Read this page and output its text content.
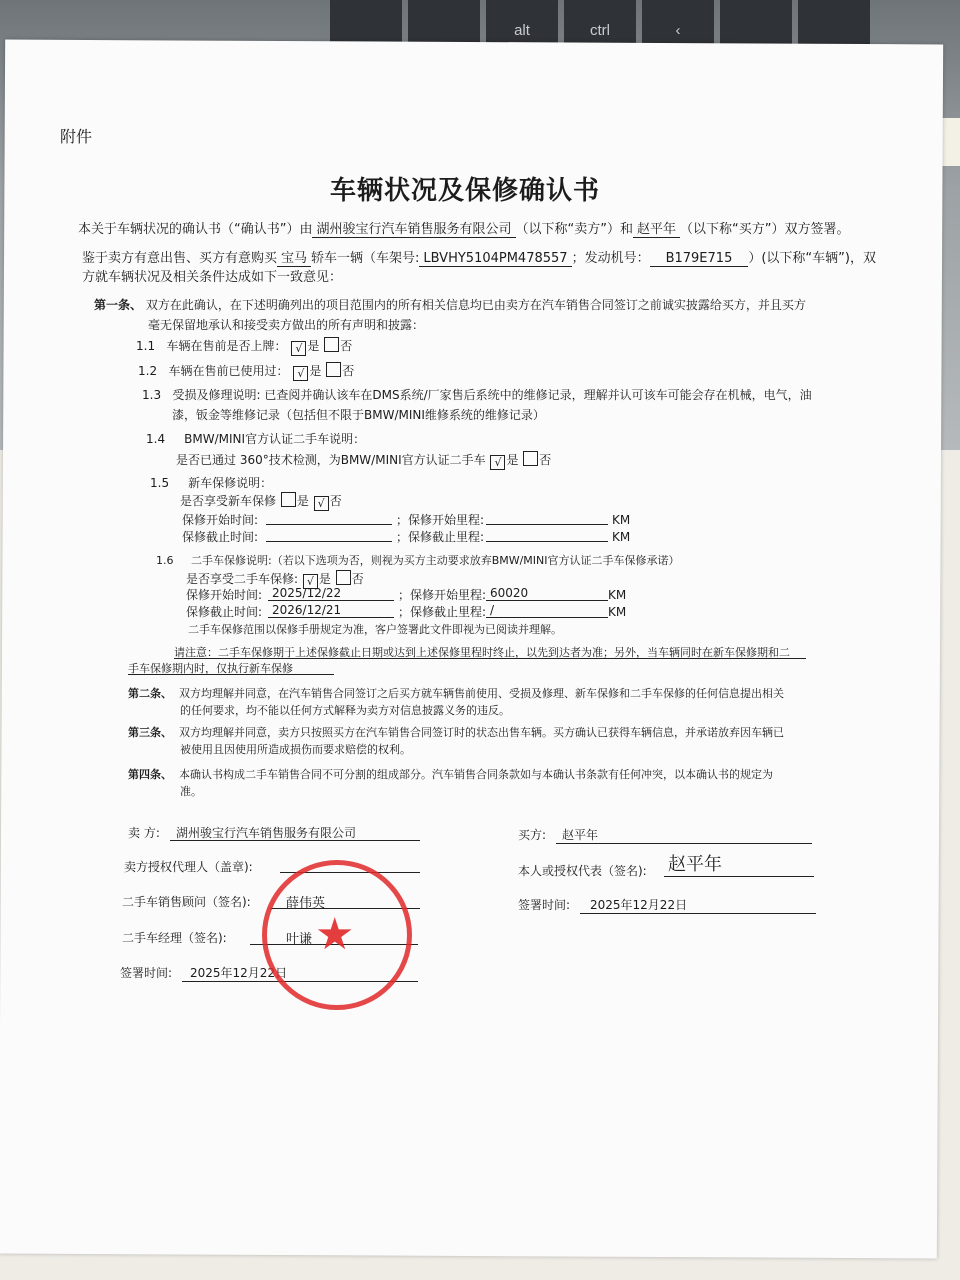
alt	ctrl	‹
附件
车辆状况及保修确认书
本关于车辆状况的确认书（“确认书”）由 湖州骏宝行汽车销售服务有限公司 （以下称“卖方”）和 赵平年 （以下称“买方”）双方签署。
鉴于卖方有意出售、买方有意购买 宝马 轿车一辆（车架号: LBVHY5104PM478557 ；发动机号： B179E715 ）(以下称“车辆”)，双
方就车辆状况及相关条件达成如下一致意见：
第一条、 双方在此确认，在下述明确列出的项目范围内的所有相关信息均已由卖方在汽车销售合同签订之前诚实披露给买方，并且买方
毫无保留地承认和接受卖方做出的所有声明和披露：
1.1 车辆在售前是否上牌： √ 是 否
1.2 车辆在售前已使用过： √ 是 否
1.3 受损及修理说明: 已查阅并确认该车在DMS系统/厂家售后系统中的维修记录，理解并认可该车可能会存在机械，电气，油
漆，钣金等维修记录（包括但不限于BMW/MINI维修系统的维修记录）
1.4 BMW/MINI官方认证二手车说明：
是否已通过 360°技术检测，为BMW/MINI官方认证二手车 √ 是 否
1.5 新车保修说明：
是否享受新车保修 是 √ 否
保修开始时间:	；保修开始里程:	KM
保修截止时间:	；保修截止里程:	KM
1.6 二手车保修说明:（若以下选项为否，则视为买方主动要求放弃BMW/MINI官方认证二手车保修承诺）
是否享受二手车保修: √ 是 否
保修开始时间: 2025/12/22	；保修开始里程: 60020	KM
保修截止时间: 2026/12/21	；保修截止里程: /	KM
二手车保修范围以保修手册规定为准，客户签署此文件即视为已阅读并理解。
请注意：二手车保修期于上述保修截止日期或达到上述保修里程时终止，以先到达者为准；另外，当车辆同时在新车保修期和二
手车保修期内时，仅执行新车保修
第二条、 双方均理解并同意，在汽车销售合同签订之后买方就车辆售前使用、受损及修理、新车保修和二手车保修的任何信息提出相关
的任何要求，均不能以任何方式解释为卖方对信息披露义务的违反。
第三条、 双方均理解并同意，卖方只按照买方在汽车销售合同签订时的状态出售车辆。买方确认已获得车辆信息，并承诺放弃因车辆已
被使用且因使用所造成损伤而要求赔偿的权利。
第四条、 本确认书构成二手车销售合同不可分割的组成部分。汽车销售合同条款如与本确认书条款有任何冲突，以本确认书的规定为
准。
卖 方: 湖州骏宝行汽车销售服务有限公司	买方: 赵平年
卖方授权代理人（盖章):	本人或授权代表（签名): 赵平年
二手车销售顾问（签名):	薛伟英	签署时间: 2025年12月22日
二手车经理（签名):	叶谦
签署时间: 2025年12月22日
★
